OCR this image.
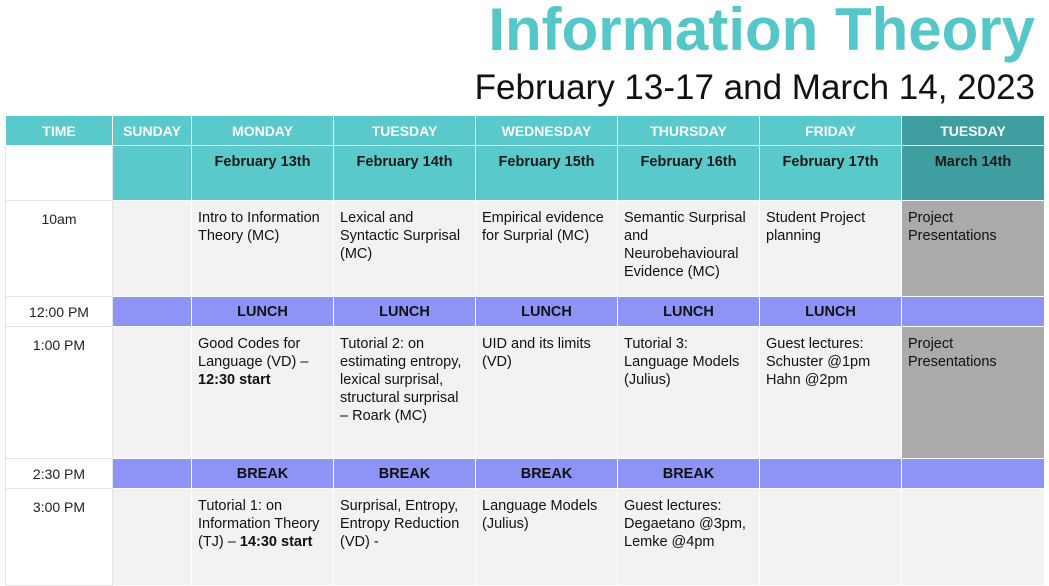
Information Theory
February 13-17 and March 14, 2023
TIME	SUNDAY	MONDAY	TUESDAY	WEDNESDAY	THURSDAY	FRIDAY	TUESDAY
		February 13th	February 14th	February 15th	February 16th	February 17th	March 14th
10am		Intro to Information Theory (MC)	Lexical and Syntactic Surprisal (MC)	Empirical evidence for Surprial (MC)	Semantic Surprisal and Neurobehavioural Evidence (MC)	Student Project planning	Project Presentations
12:00 PM		LUNCH	LUNCH	LUNCH	LUNCH	LUNCH	
1:00 PM		Good Codes for Language (VD) – 12:30 start	Tutorial 2: on estimating entropy, lexical surprisal, structural surprisal – Roark (MC)	UID and its limits (VD)	Tutorial 3: Language Models (Julius)	Guest lectures: Schuster @1pm Hahn @2pm	Project Presentations
2:30 PM		BREAK	BREAK	BREAK	BREAK		
3:00 PM		Tutorial 1: on Information Theory (TJ) – 14:30 start	Surprisal, Entropy, Entropy Reduction (VD) -	Language Models (Julius)	Guest lectures: Degaetano @3pm, Lemke @4pm		
